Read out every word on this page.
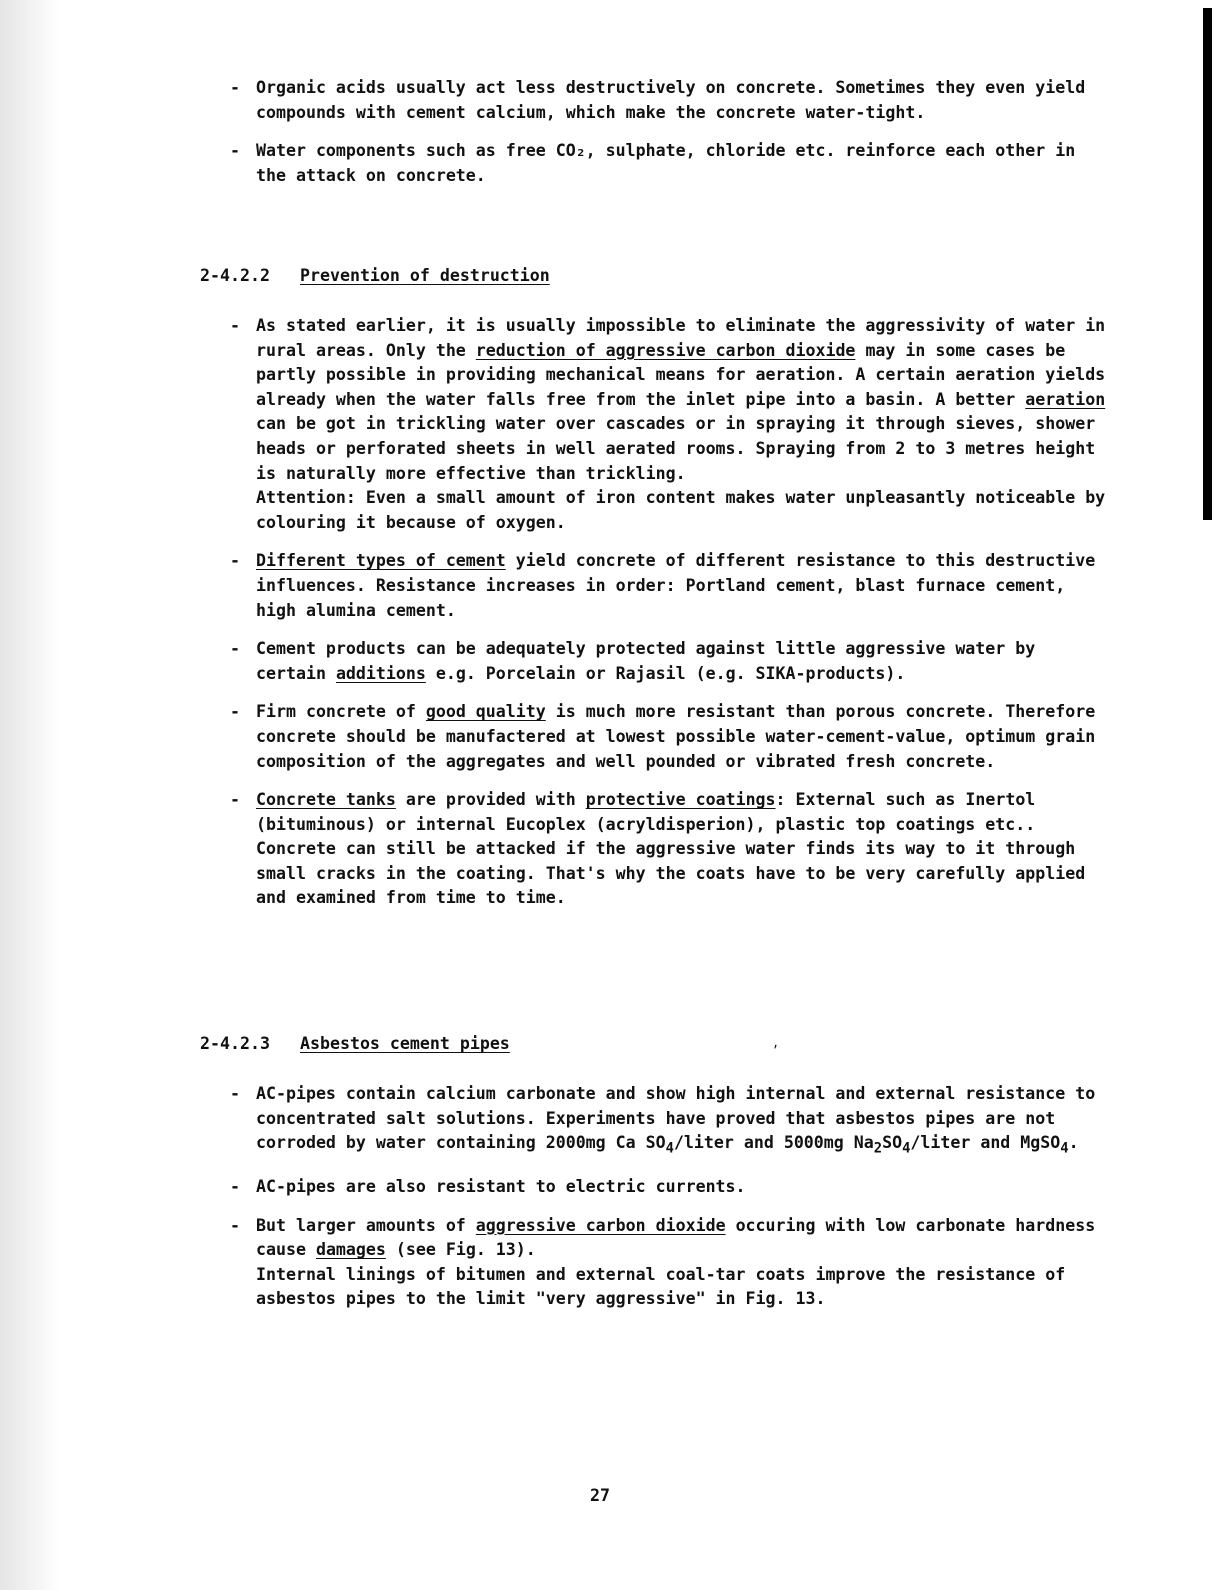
- Organic acids usually act less destructively on concrete. Sometimes they even yield compounds with cement calcium, which make the concrete water-tight.
- Water components such as free CO₂, sulphate, chloride etc. reinforce each other in the attack on concrete.
2-4.2.2 Prevention of destruction
- As stated earlier, it is usually impossible to eliminate the aggressivity of water in rural areas. Only the reduction of aggressive carbon dioxide may in some cases be partly possible in providing mechanical means for aeration. A certain aeration yields already when the water falls free from the inlet pipe into a basin. A better aeration can be got in trickling water over cascades or in spraying it through sieves, shower heads or perforated sheets in well aerated rooms. Spraying from 2 to 3 metres height is naturally more effective than trickling.
Attention: Even a small amount of iron content makes water unpleasantly noticeable by colouring it because of oxygen.
- Different types of cement yield concrete of different resistance to this destructive influences. Resistance increases in order: Portland cement, blast furnace cement, high alumina cement.
- Cement products can be adequately protected against little aggressive water by certain additions e.g. Porcelain or Rajasil (e.g. SIKA-products).
- Firm concrete of good quality is much more resistant than porous concrete. Therefore concrete should be manufactered at lowest possible water-cement-value, optimum grain composition of the aggregates and well pounded or vibrated fresh concrete.
- Concrete tanks are provided with protective coatings: External such as Inertol (bituminous) or internal Eucoplex (acryldisperion), plastic top coatings etc.. Concrete can still be attacked if the aggressive water finds its way to it through small cracks in the coating. That's why the coats have to be very carefully applied and examined from time to time.
2-4.2.3 Asbestos cement pipes	,
- AC-pipes contain calcium carbonate and show high internal and external resistance to concentrated salt solutions. Experiments have proved that asbestos pipes are not corroded by water containing 2000mg Ca $SO_4$/liter and 5000mg $Na_2SO_4$/liter and MgSO$_4$.
- AC-pipes are also resistant to electric currents.
- But larger amounts of aggressive carbon dioxide occuring with low carbonate hardness cause damages (see Fig. 13).
Internal linings of bitumen and external coal-tar coats improve the resistance of asbestos pipes to the limit "very aggressive" in Fig. 13.
27
